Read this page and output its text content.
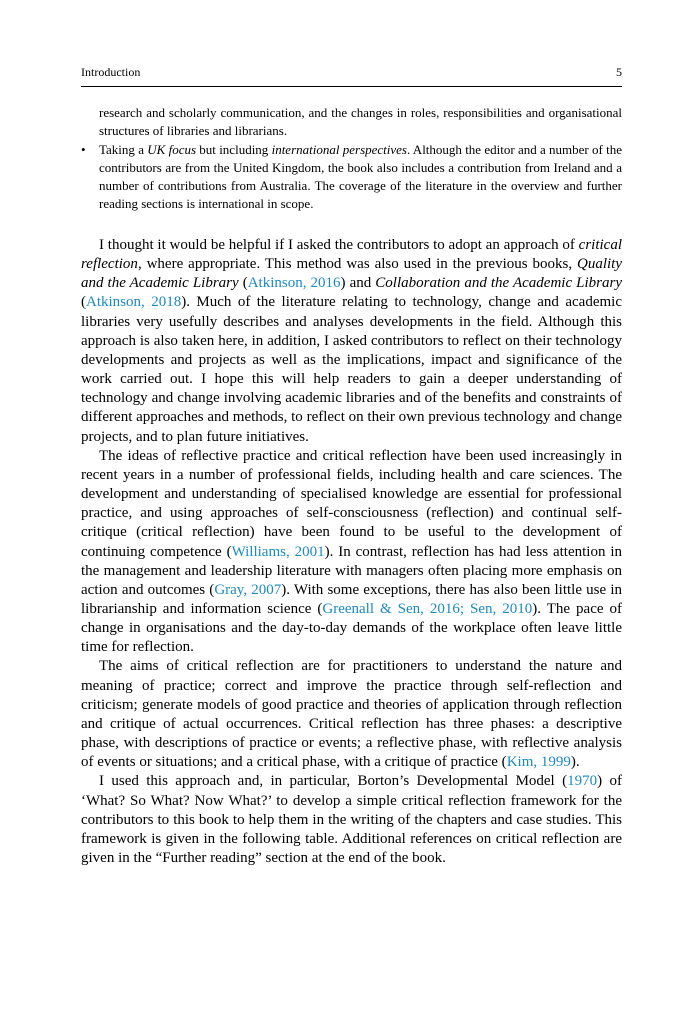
Introduction	5

research and scholarly communication, and the changes in roles, responsibilities and organisational structures of libraries and librarians.

• Taking a UK focus but including international perspectives. Although the editor and a number of the contributors are from the United Kingdom, the book also includes a contribution from Ireland and a number of contributions from Australia. The coverage of the literature in the overview and further reading sections is international in scope.

I thought it would be helpful if I asked the contributors to adopt an approach of critical reflection, where appropriate. This method was also used in the previous books, Quality and the Academic Library (Atkinson, 2016) and Collaboration and the Academic Library (Atkinson, 2018). Much of the literature relating to technology, change and academic libraries very usefully describes and analyses developments in the field. Although this approach is also taken here, in addition, I asked contributors to reflect on their technology developments and projects as well as the implications, impact and significance of the work carried out. I hope this will help readers to gain a deeper understanding of technology and change involving academic libraries and of the benefits and constraints of different approaches and methods, to reflect on their own previous technology and change projects, and to plan future initiatives.

The ideas of reflective practice and critical reflection have been used increasingly in recent years in a number of professional fields, including health and care sciences. The development and understanding of specialised knowledge are essential for professional practice, and using approaches of self-consciousness (reflection) and continual self-critique (critical reflection) have been found to be useful to the development of continuing competence (Williams, 2001). In contrast, reflection has had less attention in the management and leadership literature with managers often placing more emphasis on action and outcomes (Gray, 2007). With some exceptions, there has also been little use in librarianship and information science (Greenall & Sen, 2016; Sen, 2010). The pace of change in organisations and the day-to-day demands of the workplace often leave little time for reflection.

The aims of critical reflection are for practitioners to understand the nature and meaning of practice; correct and improve the practice through self-reflection and criticism; generate models of good practice and theories of application through reflection and critique of actual occurrences. Critical reflection has three phases: a descriptive phase, with descriptions of practice or events; a reflective phase, with reflective analysis of events or situations; and a critical phase, with a critique of practice (Kim, 1999).

I used this approach and, in particular, Borton’s Developmental Model (1970) of ‘What? So What? Now What?’ to develop a simple critical reflection framework for the contributors to this book to help them in the writing of the chapters and case studies. This framework is given in the following table. Additional references on critical reflection are given in the “Further reading” section at the end of the book.
